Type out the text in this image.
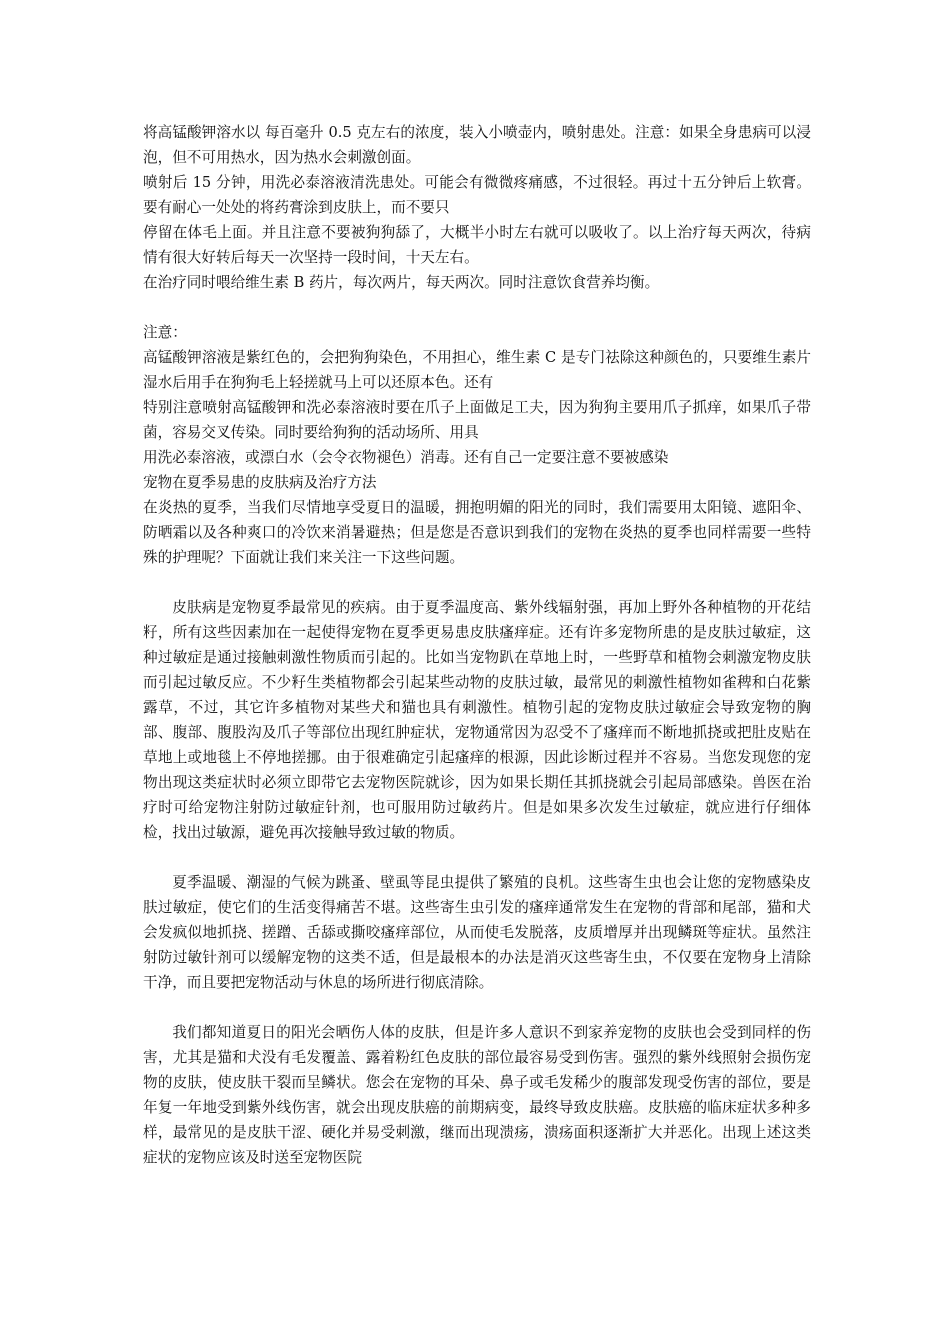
将高锰酸钾溶水以 每百毫升 0.5 克左右的浓度，装入小喷壶内，喷射患处。注意：如果全身患病可以浸泡，但不可用热水，因为热水会刺激创面。

喷射后 15 分钟，用洗必泰溶液清洗患处。可能会有微微疼痛感，不过很轻。再过十五分钟后上软膏。要有耐心一处处的将药膏涂到皮肤上，而不要只

停留在体毛上面。并且注意不要被狗狗舔了，大概半小时左右就可以吸收了。以上治疗每天两次，待病情有很大好转后每天一次坚持一段时间，十天左右。

在治疗同时喂给维生素 B 药片，每次两片，每天两次。同时注意饮食营养均衡。

注意：

高锰酸钾溶液是紫红色的，会把狗狗染色，不用担心，维生素 C 是专门祛除这种颜色的，只要维生素片湿水后用手在狗狗毛上轻搓就马上可以还原本色。还有

特别注意喷射高锰酸钾和洗必泰溶液时要在爪子上面做足工夫，因为狗狗主要用爪子抓痒，如果爪子带菌，容易交叉传染。同时要给狗狗的活动场所、用具

用洗必泰溶液，或漂白水（会令衣物褪色）消毒。还有自己一定要注意不要被感染

宠物在夏季易患的皮肤病及治疗方法

在炎热的夏季，当我们尽情地享受夏日的温暖，拥抱明媚的阳光的同时，我们需要用太阳镜、遮阳伞、防晒霜以及各种爽口的冷饮来消暑避热；但是您是否意识到我们的宠物在炎热的夏季也同样需要一些特殊的护理呢？下面就让我们来关注一下这些问题。

皮肤病是宠物夏季最常见的疾病。由于夏季温度高、紫外线辐射强，再加上野外各种植物的开花结籽，所有这些因素加在一起使得宠物在夏季更易患皮肤瘙痒症。还有许多宠物所患的是皮肤过敏症，这种过敏症是通过接触刺激性物质而引起的。比如当宠物趴在草地上时，一些野草和植物会刺激宠物皮肤而引起过敏反应。不少籽生类植物都会引起某些动物的皮肤过敏，最常见的刺激性植物如雀稗和白花紫露草，不过，其它许多植物对某些犬和猫也具有刺激性。植物引起的宠物皮肤过敏症会导致宠物的胸部、腹部、腹股沟及爪子等部位出现红肿症状，宠物通常因为忍受不了瘙痒而不断地抓挠或把肚皮贴在草地上或地毯上不停地搓挪。由于很难确定引起瘙痒的根源，因此诊断过程并不容易。当您发现您的宠物出现这类症状时必须立即带它去宠物医院就诊，因为如果长期任其抓挠就会引起局部感染。兽医在治疗时可给宠物注射防过敏症针剂，也可服用防过敏药片。但是如果多次发生过敏症，就应进行仔细体检，找出过敏源，避免再次接触导致过敏的物质。

夏季温暖、潮湿的气候为跳蚤、壁虱等昆虫提供了繁殖的良机。这些寄生虫也会让您的宠物感染皮肤过敏症，使它们的生活变得痛苦不堪。这些寄生虫引发的瘙痒通常发生在宠物的背部和尾部，猫和犬会发疯似地抓挠、搓蹭、舌舔或撕咬瘙痒部位，从而使毛发脱落，皮质增厚并出现鳞斑等症状。虽然注射防过敏针剂可以缓解宠物的这类不适，但是最根本的办法是消灭这些寄生虫，不仅要在宠物身上清除干净，而且要把宠物活动与休息的场所进行彻底清除。

我们都知道夏日的阳光会晒伤人体的皮肤，但是许多人意识不到家养宠物的皮肤也会受到同样的伤害，尤其是猫和犬没有毛发覆盖、露着粉红色皮肤的部位最容易受到伤害。强烈的紫外线照射会损伤宠物的皮肤，使皮肤干裂而呈鳞状。您会在宠物的耳朵、鼻子或毛发稀少的腹部发现受伤害的部位，要是年复一年地受到紫外线伤害，就会出现皮肤癌的前期病变，最终导致皮肤癌。皮肤癌的临床症状多种多样，最常见的是皮肤干涩、硬化并易受刺激，继而出现溃疡，溃疡面积逐渐扩大并恶化。出现上述这类症状的宠物应该及时送至宠物医院
